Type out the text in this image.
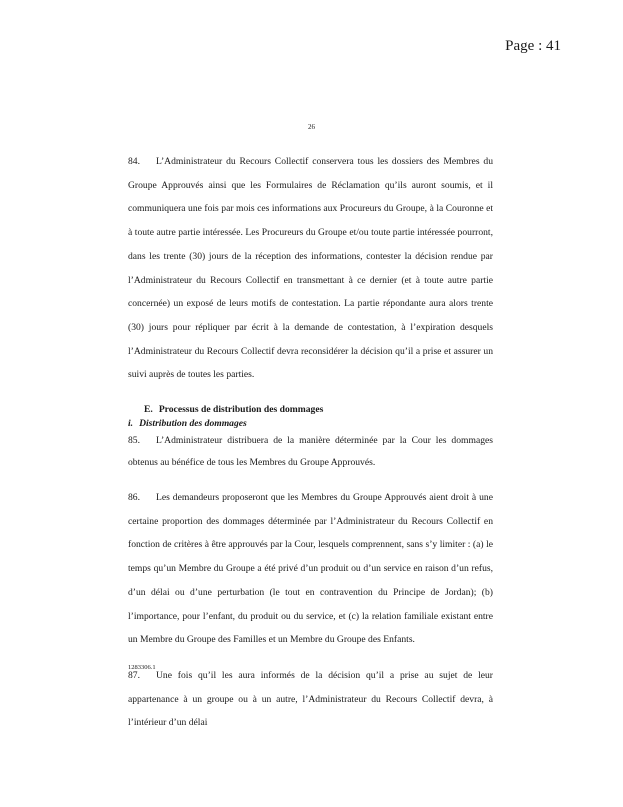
Page : 41
26

84. L’Administrateur du Recours Collectif conservera tous les dossiers des Membres du Groupe Approuvés ainsi que les Formulaires de Réclamation qu’ils auront soumis, et il communiquera une fois par mois ces informations aux Procureurs du Groupe, à la Couronne et à toute autre partie intéressée. Les Procureurs du Groupe et/ou toute partie intéressée pourront, dans les trente (30) jours de la réception des informations, contester la décision rendue par l’Administrateur du Recours Collectif en transmettant à ce dernier (et à toute autre partie concernée) un exposé de leurs motifs de contestation. La partie répondante aura alors trente (30) jours pour répliquer par écrit à la demande de contestation, à l’expiration desquels l’Administrateur du Recours Collectif devra reconsidérer la décision qu’il a prise et assurer un suivi auprès de toutes les parties.

E. Processus de distribution des dommages
i. Distribution des dommages

85. L’Administrateur distribuera de la manière déterminée par la Cour les dommages obtenus au bénéfice de tous les Membres du Groupe Approuvés.

86. Les demandeurs proposeront que les Membres du Groupe Approuvés aient droit à une certaine proportion des dommages déterminée par l’Administrateur du Recours Collectif en fonction de critères à être approuvés par la Cour, lesquels comprennent, sans s’y limiter : (a) le temps qu’un Membre du Groupe a été privé d’un produit ou d’un service en raison d’un refus, d’un délai ou d’une perturbation (le tout en contravention du Principe de Jordan); (b) l’importance, pour l’enfant, du produit ou du service, et (c) la relation familiale existant entre un Membre du Groupe des Familles et un Membre du Groupe des Enfants.

87. Une fois qu’il les aura informés de la décision qu’il a prise au sujet de leur appartenance à un groupe ou à un autre, l’Administrateur du Recours Collectif devra, à l’intérieur d’un délai

1283306.1
